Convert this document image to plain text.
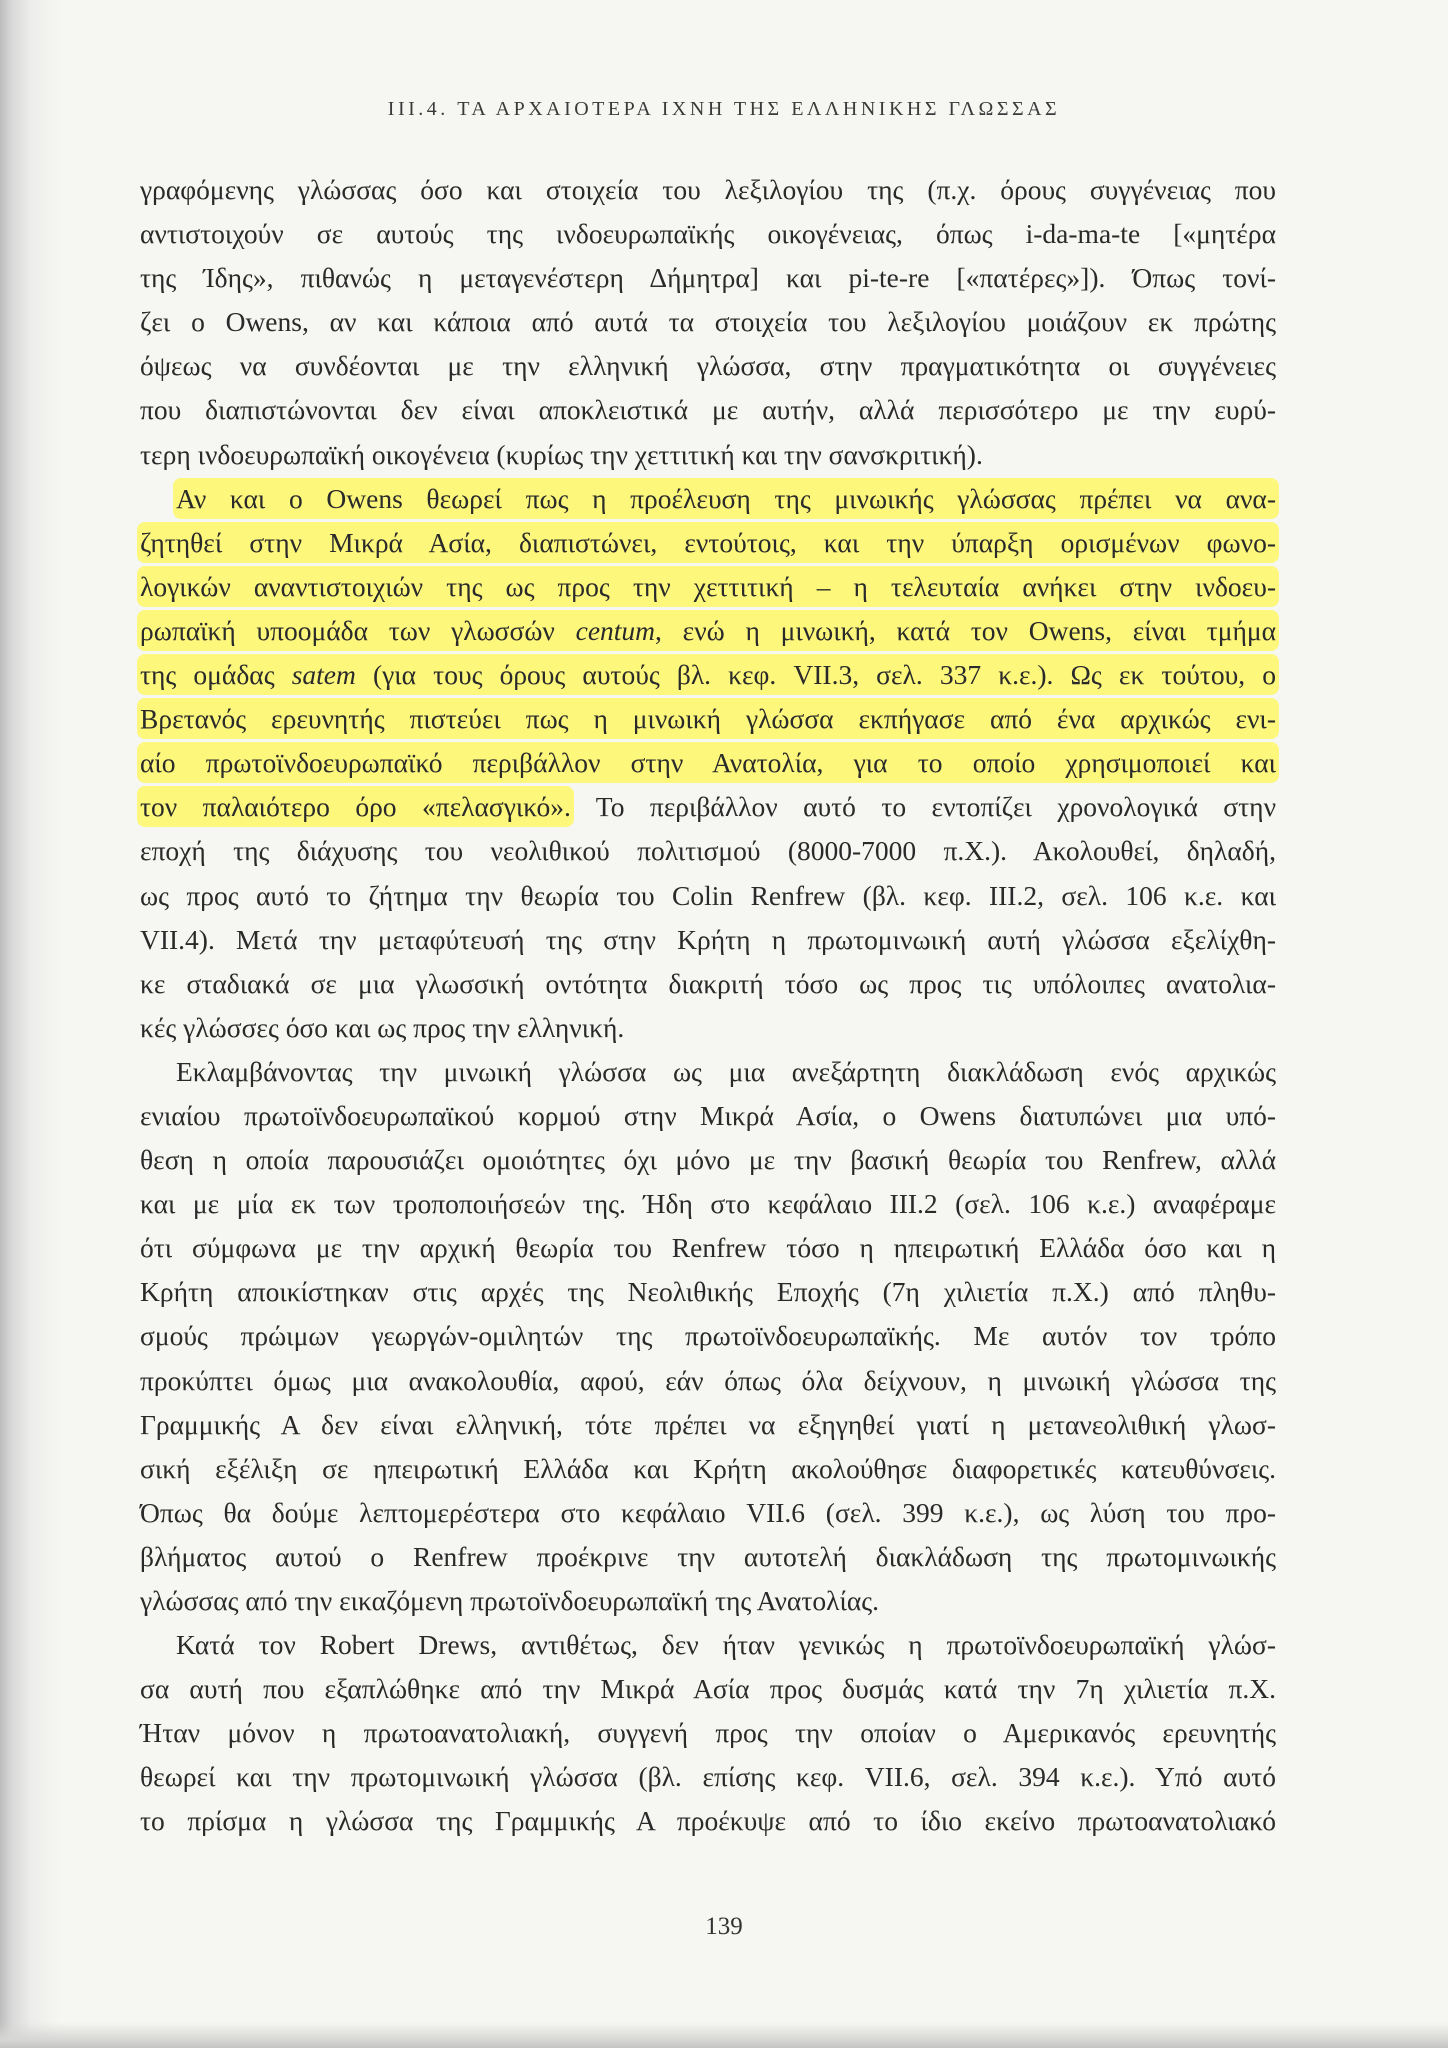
III.4. ΤΑ ΑΡΧΑΙΟΤΕΡΑ ΙΧΝΗ ΤΗΣ ΕΛΛΗΝΙΚΗΣ ΓΛΩΣΣΑΣ
γραφόμενης γλώσσας όσο και στοιχεία του λεξιλογίου της (π.χ. όρους συγγένειας που
αντιστοιχούν σε αυτούς της ινδοευρωπαϊκής οικογένειας, όπως i-da-ma-te [«μητέρα
της Ίδης», πιθανώς η μεταγενέστερη Δήμητρα] και pi-te-re [«πατέρες»]). Όπως τονί-
ζει ο Owens, αν και κάποια από αυτά τα στοιχεία του λεξιλογίου μοιάζουν εκ πρώτης
όψεως να συνδέονται με την ελληνική γλώσσα, στην πραγματικότητα οι συγγένειες
που διαπιστώνονται δεν είναι αποκλειστικά με αυτήν, αλλά περισσότερο με την ευρύ-
τερη ινδοευρωπαϊκή οικογένεια (κυρίως την χεττιτική και την σανσκριτική).
Αν και ο Owens θεωρεί πως η προέλευση της μινωικής γλώσσας πρέπει να ανα-
ζητηθεί στην Μικρά Ασία, διαπιστώνει, εντούτοις, και την ύπαρξη ορισμένων φωνο-
λογικών αναντιστοιχιών της ως προς την χεττιτική – η τελευταία ανήκει στην ινδοευ-
ρωπαϊκή υποομάδα των γλωσσών centum, ενώ η μινωική, κατά τον Owens, είναι τμήμα
της ομάδας satem (για τους όρους αυτούς βλ. κεφ. VII.3, σελ. 337 κ.ε.). Ως εκ τούτου, ο
Βρετανός ερευνητής πιστεύει πως η μινωική γλώσσα εκπήγασε από ένα αρχικώς ενι-
αίο πρωτοϊνδοευρωπαϊκό περιβάλλον στην Ανατολία, για το οποίο χρησιμοποιεί και
τον παλαιότερο όρο «πελασγικό». Το περιβάλλον αυτό το εντοπίζει χρονολογικά στην
εποχή της διάχυσης του νεολιθικού πολιτισμού (8000-7000 π.Χ.). Ακολουθεί, δηλαδή,
ως προς αυτό το ζήτημα την θεωρία του Colin Renfrew (βλ. κεφ. III.2, σελ. 106 κ.ε. και
VII.4). Μετά την μεταφύτευσή της στην Κρήτη η πρωτομινωική αυτή γλώσσα εξελίχθη-
κε σταδιακά σε μια γλωσσική οντότητα διακριτή τόσο ως προς τις υπόλοιπες ανατολια-
κές γλώσσες όσο και ως προς την ελληνική.
Εκλαμβάνοντας την μινωική γλώσσα ως μια ανεξάρτητη διακλάδωση ενός αρχικώς
ενιαίου πρωτοϊνδοευρωπαϊκού κορμού στην Μικρά Ασία, ο Owens διατυπώνει μια υπό-
θεση η οποία παρουσιάζει ομοιότητες όχι μόνο με την βασική θεωρία του Renfrew, αλλά
και με μία εκ των τροποποιήσεών της. Ήδη στο κεφάλαιο III.2 (σελ. 106 κ.ε.) αναφέραμε
ότι σύμφωνα με την αρχική θεωρία του Renfrew τόσο η ηπειρωτική Ελλάδα όσο και η
Κρήτη αποικίστηκαν στις αρχές της Νεολιθικής Εποχής (7η χιλιετία π.Χ.) από πληθυ-
σμούς πρώιμων γεωργών-ομιλητών της πρωτοϊνδοευρωπαϊκής. Με αυτόν τον τρόπο
προκύπτει όμως μια ανακολουθία, αφού, εάν όπως όλα δείχνουν, η μινωική γλώσσα της
Γραμμικής Α δεν είναι ελληνική, τότε πρέπει να εξηγηθεί γιατί η μετανεολιθική γλωσ-
σική εξέλιξη σε ηπειρωτική Ελλάδα και Κρήτη ακολούθησε διαφορετικές κατευθύνσεις.
Όπως θα δούμε λεπτομερέστερα στο κεφάλαιο VII.6 (σελ. 399 κ.ε.), ως λύση του προ-
βλήματος αυτού ο Renfrew προέκρινε την αυτοτελή διακλάδωση της πρωτομινωικής
γλώσσας από την εικαζόμενη πρωτοϊνδοευρωπαϊκή της Ανατολίας.
Κατά τον Robert Drews, αντιθέτως, δεν ήταν γενικώς η πρωτοϊνδοευρωπαϊκή γλώσ-
σα αυτή που εξαπλώθηκε από την Μικρά Ασία προς δυσμάς κατά την 7η χιλιετία π.Χ.
Ήταν μόνον η πρωτοανατολιακή, συγγενή προς την οποίαν ο Αμερικανός ερευνητής
θεωρεί και την πρωτομινωική γλώσσα (βλ. επίσης κεφ. VII.6, σελ. 394 κ.ε.). Υπό αυτό
το πρίσμα η γλώσσα της Γραμμικής Α προέκυψε από το ίδιο εκείνο πρωτοανατολιακό
139
